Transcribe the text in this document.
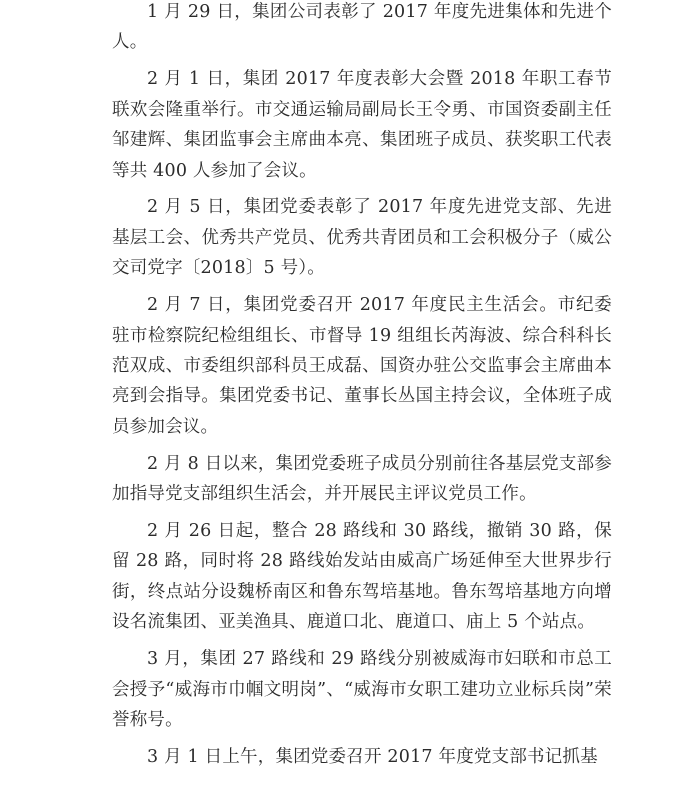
1 月 29 日，集团公司表彰了 2017 年度先进集体和先进个人。

2 月 1 日，集团 2017 年度表彰大会暨 2018 年职工春节联欢会隆重举行。市交通运输局副局长王令勇、市国资委副主任邹建辉、集团监事会主席曲本亮、集团班子成员、获奖职工代表等共 400 人参加了会议。

2 月 5 日，集团党委表彰了 2017 年度先进党支部、先进基层工会、优秀共产党员、优秀共青团员和工会积极分子（威公交司党字〔2018〕5 号）。

2 月 7 日，集团党委召开 2017 年度民主生活会。市纪委驻市检察院纪检组组长、市督导 19 组组长芮海波、综合科科长范双成、市委组织部科员王成磊、国资办驻公交监事会主席曲本亮到会指导。集团党委书记、董事长丛国主持会议，全体班子成员参加会议。

2 月 8 日以来，集团党委班子成员分别前往各基层党支部参加指导党支部组织生活会，并开展民主评议党员工作。

2 月 26 日起，整合 28 路线和 30 路线，撤销 30 路，保留 28 路，同时将 28 路线始发站由威高广场延伸至大世界步行街，终点站分设魏桥南区和鲁东驾培基地。鲁东驾培基地方向增设名流集团、亚美渔具、鹿道口北、鹿道口、庙上 5 个站点。

3 月，集团 27 路线和 29 路线分别被威海市妇联和市总工会授予“威海市巾帼文明岗”、“威海市女职工建功立业标兵岗”荣誉称号。

3 月 1 日上午，集团党委召开 2017 年度党支部书记抓基
